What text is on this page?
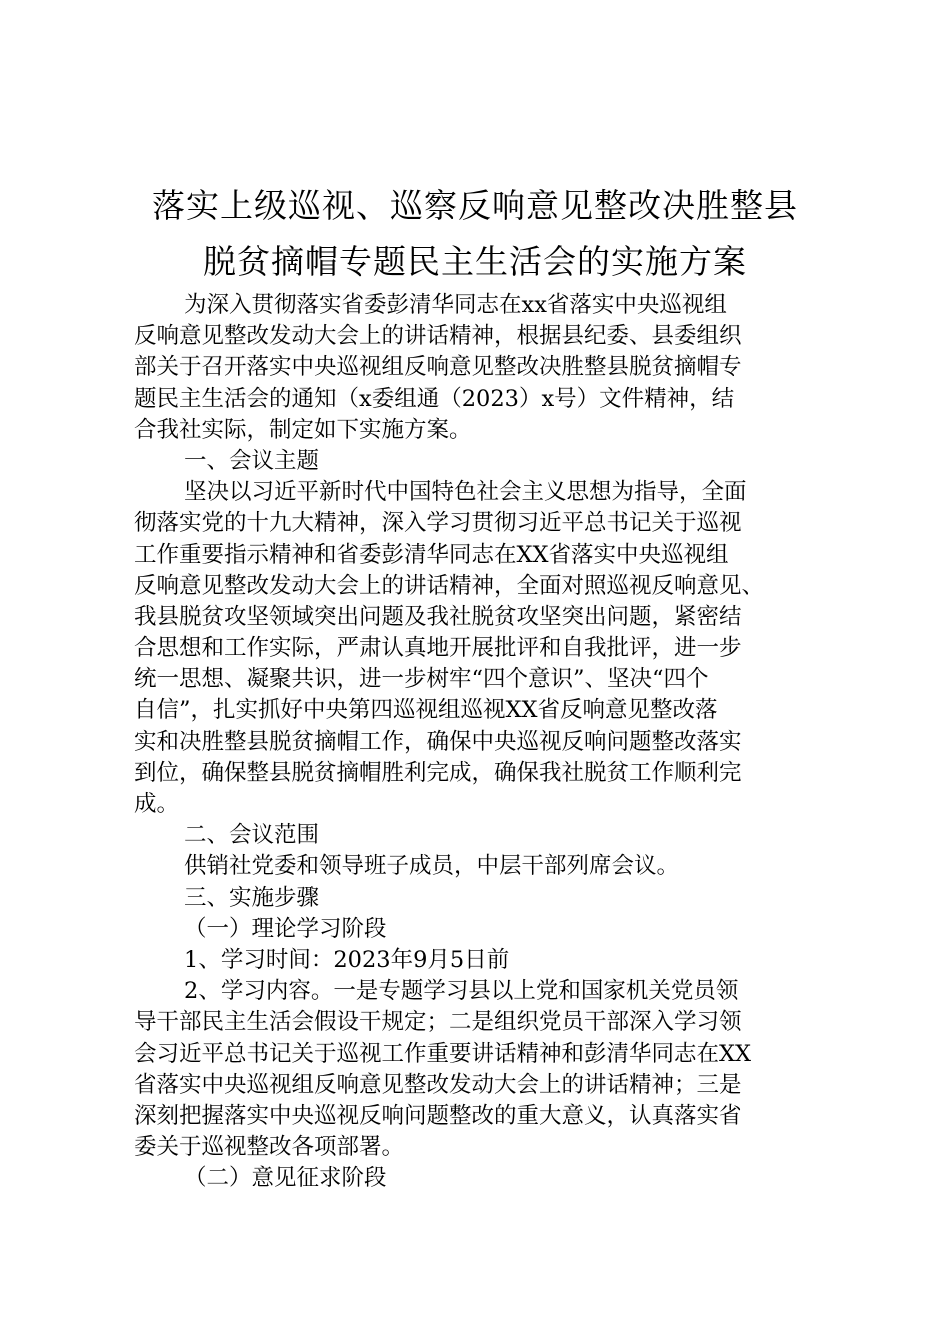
落实上级巡视、巡察反响意见整改决胜整县
脱贫摘帽专题民主生活会的实施方案
为深入贯彻落实省委彭清华同志在xx省落实中央巡视组
反响意见整改发动大会上的讲话精神，根据县纪委、县委组织
部关于召开落实中央巡视组反响意见整改决胜整县脱贫摘帽专
题民主生活会的通知（x委组通（2023）x号）文件精神，结
合我社实际，制定如下实施方案。
一、会议主题
坚决以习近平新时代中国特色社会主义思想为指导，全面
彻落实党的十九大精神，深入学习贯彻习近平总书记关于巡视
工作重要指示精神和省委彭清华同志在XX省落实中央巡视组
反响意见整改发动大会上的讲话精神，全面对照巡视反响意见、
我县脱贫攻坚领域突出问题及我社脱贫攻坚突出问题，紧密结
合思想和工作实际，严肃认真地开展批评和自我批评，进一步
统一思想、凝聚共识，进一步树牢“四个意识”、坚决“四个
自信”，扎实抓好中央第四巡视组巡视XX省反响意见整改落
实和决胜整县脱贫摘帽工作，确保中央巡视反响问题整改落实
到位，确保整县脱贫摘帽胜利完成，确保我社脱贫工作顺利完
成。
二、会议范围
供销社党委和领导班子成员，中层干部列席会议。
三、实施步骤
（一）理论学习阶段
1、学习时间：2023年9月5日前
2、学习内容。一是专题学习县以上党和国家机关党员领
导干部民主生活会假设干规定；二是组织党员干部深入学习领
会习近平总书记关于巡视工作重要讲话精神和彭清华同志在XX
省落实中央巡视组反响意见整改发动大会上的讲话精神；三是
深刻把握落实中央巡视反响问题整改的重大意义，认真落实省
委关于巡视整改各项部署。
（二）意见征求阶段
